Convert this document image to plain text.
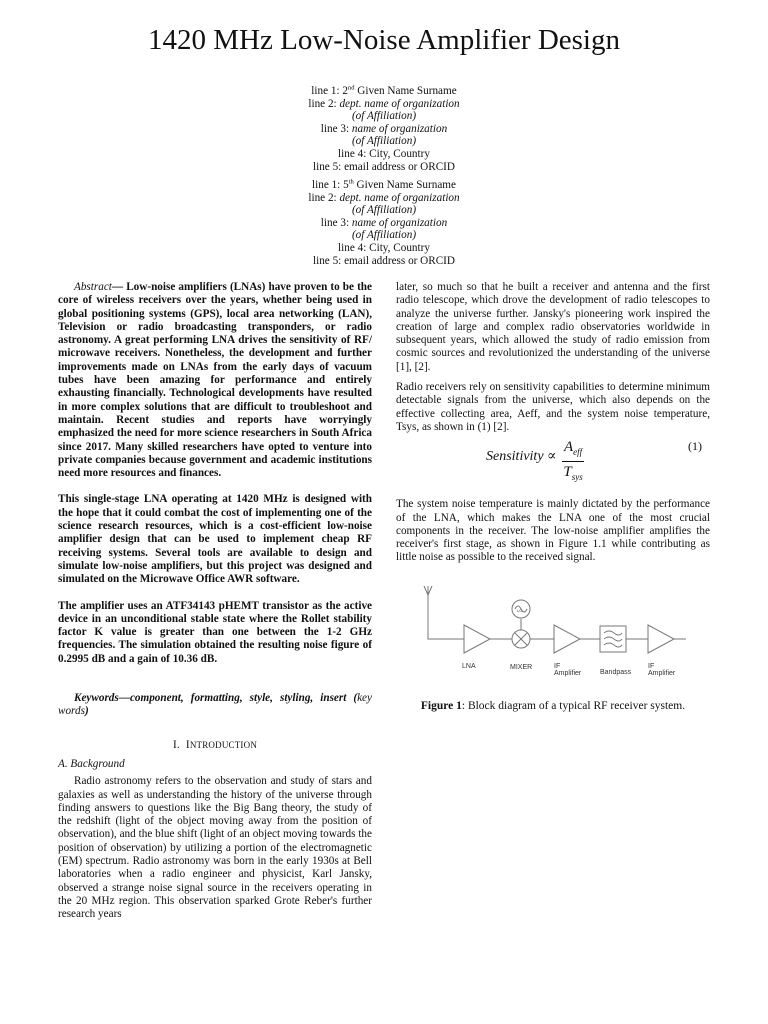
1420 MHz Low-Noise Amplifier Design
line 1: 2nd Given Name Surname
line 2: dept. name of organization
(of Affiliation)
line 3: name of organization
(of Affiliation)
line 4: City, Country
line 5: email address or ORCID
line 1: 5th Given Name Surname
line 2: dept. name of organization
(of Affiliation)
line 3: name of organization
(of Affiliation)
line 4: City, Country
line 5: email address or ORCID

Abstract— Low-noise amplifiers (LNAs) have proven to be the core of wireless receivers over the years, whether being used in global positioning systems (GPS), local area networking (LAN), Television or radio broadcasting transponders, or radio astronomy. A great performing LNA drives the sensitivity of RF/ microwave receivers. Nonetheless, the development and further improvements made on LNAs from the early days of vacuum tubes have been amazing for performance and entirely exhausting financially. Technological developments have resulted in more complex solutions that are difficult to troubleshoot and maintain. Recent studies and reports have worryingly emphasized the need for more science researchers in South Africa since 2017. Many skilled researchers have opted to venture into private companies because government and academic institutions need more resources and finances.

This single-stage LNA operating at 1420 MHz is designed with the hope that it could combat the cost of implementing one of the science research resources, which is a cost-efficient low-noise amplifier design that can be used to implement cheap RF receiving systems. Several tools are available to design and simulate low-noise amplifiers, but this project was designed and simulated on the Microwave Office AWR software.

The amplifier uses an ATF34143 pHEMT transistor as the active device in an unconditional stable state where the Rollet stability factor K value is greater than one between the 1-2 GHz frequencies. The simulation obtained the resulting noise figure of 0.2995 dB and a gain of 10.36 dB.

Keywords—component, formatting, style, styling, insert (key words)

I. INTRODUCTION

A. Background

Radio astronomy refers to the observation and study of stars and galaxies as well as understanding the history of the universe through finding answers to questions like the Big Bang theory, the study of the redshift (light of the object moving away from the position of observation), and the blue shift (light of an object moving towards the position of observation) by utilizing a portion of the electromagnetic (EM) spectrum. Radio astronomy was born in the early 1930s at Bell laboratories when a radio engineer and physicist, Karl Jansky, observed a strange noise signal source in the receivers operating in the 20 MHz region. This observation sparked Grote Reber's further research years

later, so much so that he built a receiver and antenna and the first radio telescope, which drove the development of radio telescopes to analyze the universe further. Jansky's pioneering work inspired the creation of large and complex radio observatories worldwide in subsequent years, which allowed the study of radio emission from cosmic sources and revolutionized the understanding of the universe [1], [2].

Radio receivers rely on sensitivity capabilities to determine minimum detectable signals from the universe, which also depends on the effective collecting area, Aeff, and the system noise temperature, Tsys, as shown in (1) [2].

Sensitivity ∝
$A_{eff}$
$T_{sys}$
(1)

The system noise temperature is mainly dictated by the performance of the LNA, which makes the LNA one of the most crucial components in the receiver. The low-noise amplifier amplifies the receiver's first stage, as shown in Figure 1.1 while contributing as little noise as possible to the received signal.

LNA	MIXER
LO
IF
Amplifier	Bandpass
IF
Amplifier

Figure 1: Block diagram of a typical RF receiver system.
